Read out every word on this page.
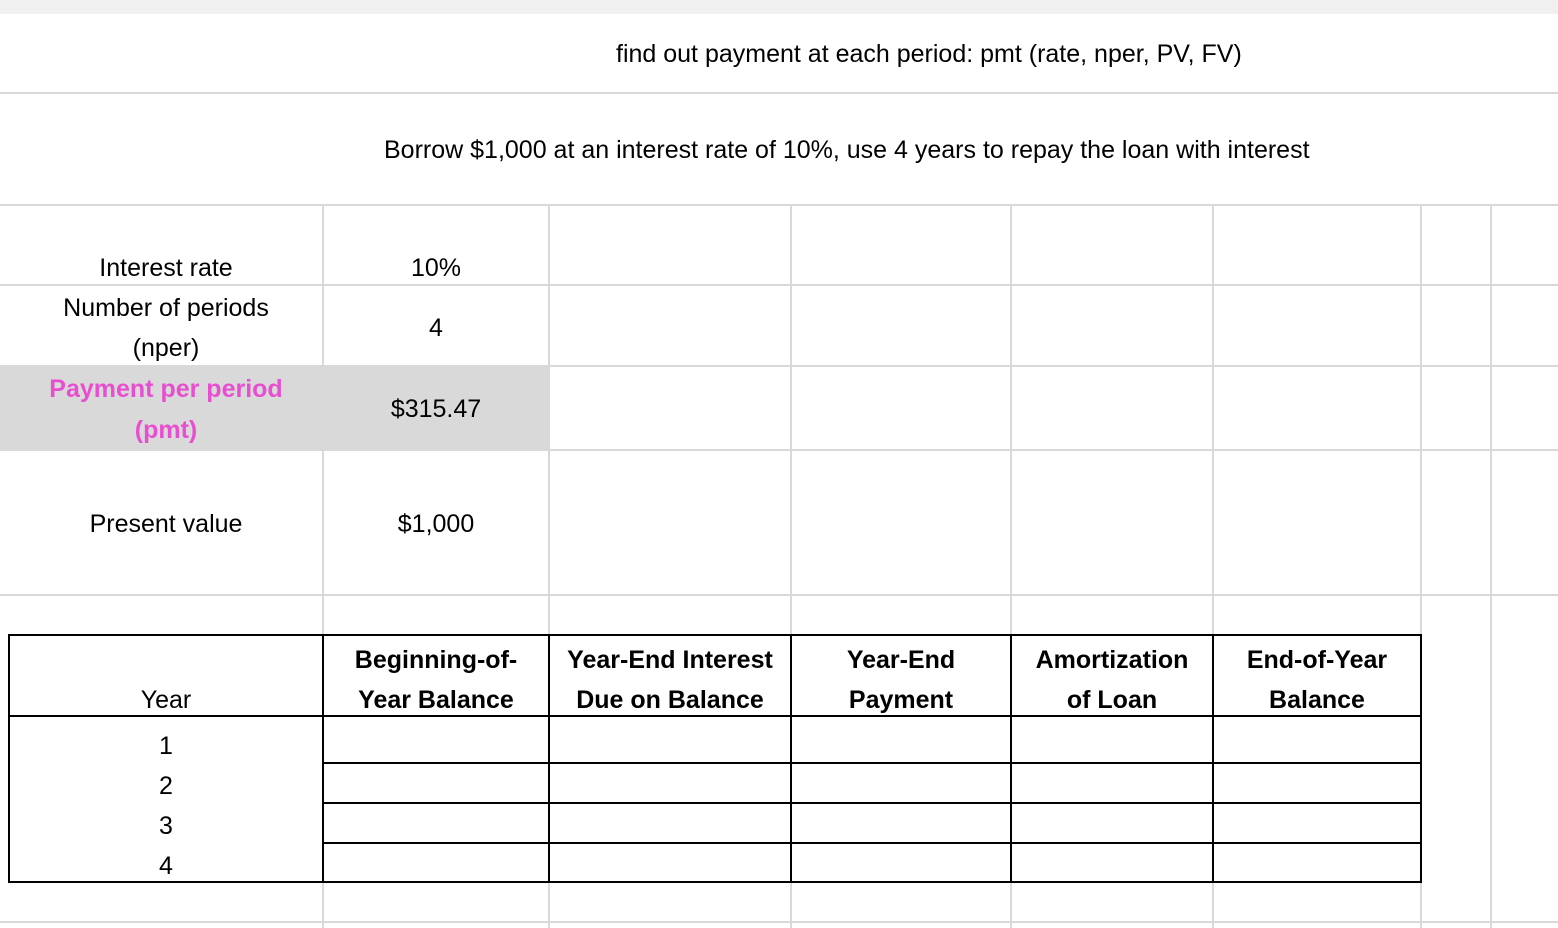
find out payment at each period: pmt (rate, nper, PV, FV)
Borrow $1,000 at an interest rate of 10%, use 4 years to repay the loan with interest
Interest rate	10%
Number of periods
(nper)
4
Payment per period
(pmt)
$315.47
Present value	$1,000
Year
Beginning-of-
Year Balance
Year-End Interest
Due on Balance
Year-End
Payment
Amortization
of Loan
End-of-Year
Balance
1
2
3
4
